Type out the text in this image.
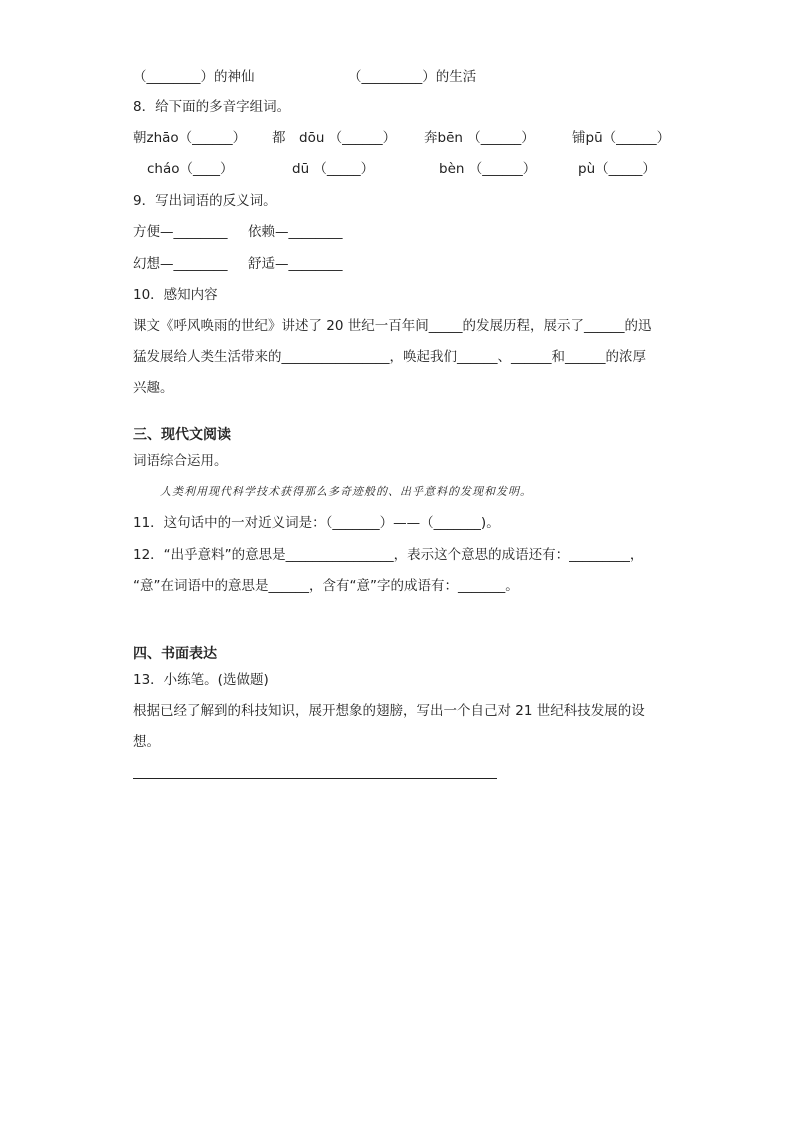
（________）的神仙	（_________）的生活
8．给下面的多音字组词。
朝zhāo（______） 都　dōu （______） 奔bēn （______）	铺pū（______）
cháo（____）	dū （_____）	bèn （______）	pù（_____）
9．写出词语的反义词。
方便—________ 依赖—________
幻想—________ 舒适—________
10．感知内容
课文《呼风唤雨的世纪》讲述了 20 世纪一百年间_____的发展历程，展示了______的迅
猛发展给人类生活带来的________________，唤起我们______、______和______的浓厚
兴趣。
三、现代文阅读
词语综合运用。
人类利用现代科学技术获得那么多奇迹般的、出乎意料的发现和发明。
11．这句话中的一对近义词是：（_______）——（_______)。
12．“出乎意料”的意思是________________，表示这个意思的成语还有：_________，
“意”在词语中的意思是______，含有“意”字的成语有：_______。
四、书面表达
13．小练笔。(选做题)
根据已经了解到的科技知识，展开想象的翅膀，写出一个自己对 21 世纪科技发展的设
想。
